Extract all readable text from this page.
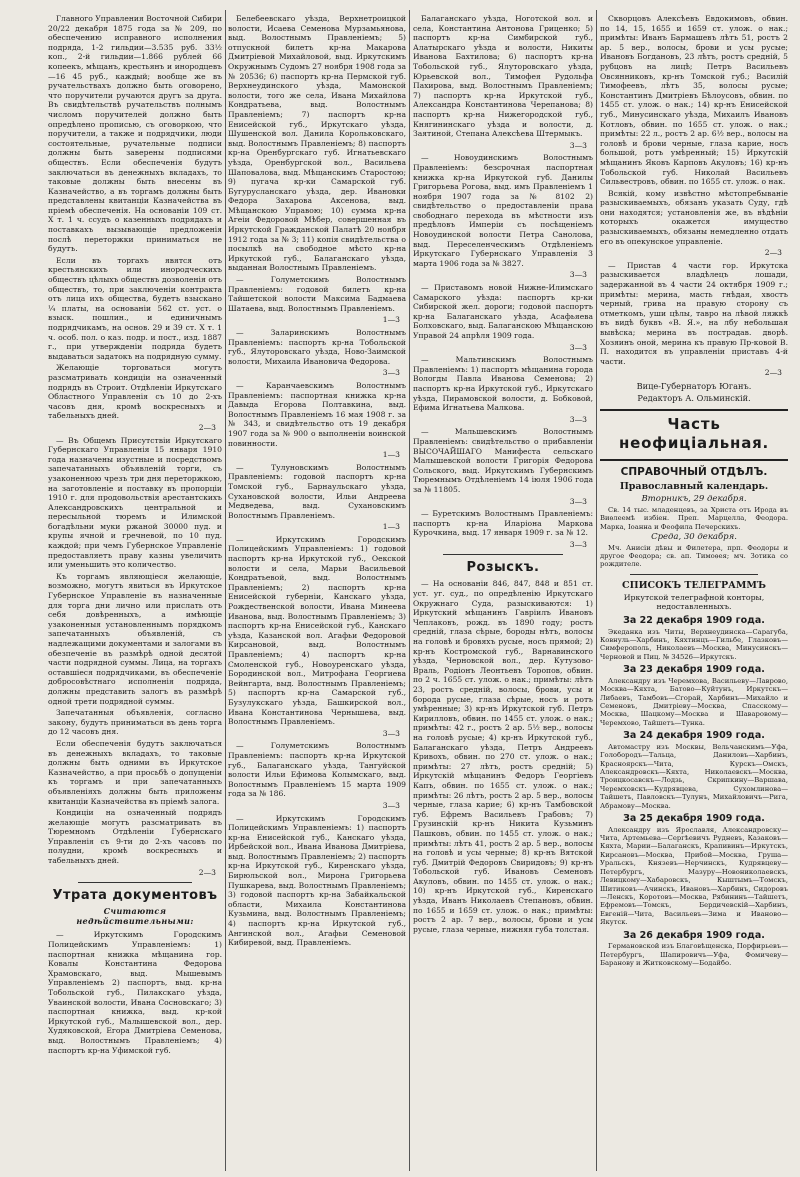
Главного Управления Восточной Сибири 20/22 декабря 1875 года за № 209, по обеспечению исправного исполнения подряда, 1-2 гильдии—3.535 руб. 33½ коп., 2-й гильдии—1.866 рублей 66 копеекъ, мѣщанъ, крестьянъ и инородцевъ—16 45 руб., каждый; вообще же въ ручательствахъ должно быть оговорено, что поручители ручаются другъ за друга. Въ свидѣтельствѣ ручательствъ полнымъ числомъ поручителей должно быть опредѣлено прописью, съ оговоркою, что поручители, а также и подрядчики, люди состоятельные, ручательные подписи должны быть заверены подписями обществъ. Если обеспеченія будутъ заключаться въ денежныхъ вкладахъ, то таковые должны быть внесены въ Казначейство, а въ торгамъ должны быть представлены квитанціи Казначейства въ пріемѣ обеспеченія. На основаніи 109 ст. Х т. 1 ч. ссудъ о казенныхъ подрядахъ и поставкахъ вызывающіе предложенія послѣ переторжки приниматься не будутъ.

Если въ торгахъ явятся отъ крестьянскихъ или инородческихъ обществъ цѣлыхъ обществъ дозволенія отъ обществъ, то, при заключеніи контракта отъ лица ихъ общества, будетъ взыскано ¼ платы, на основаніи 562 ст. уст. о взыск. пошлин., и единичнымъ подрядчикамъ, на основ. 29 и 39 ст. Х т. 1 ч. особ. пол. о каз. подр. и пост., изд. 1887 г., при утвержденіи подряда будетъ выдаваться задатокъ на подрядную сумму.

Желающіе торговаться могутъ разсматривать кондиціи на означенный подрядъ въ Строит. Отдѣленіи Иркутскаго Областного Управленія съ 10 до 2-хъ часовъ дня, кромѣ воскресныхъ и табельныхъ дней.

2—3

— Въ Общемъ Присутствіи Иркутскаго Губернскаго Управленія 15 января 1910 года назначены изустные и посредствомъ запечатанныхъ объявленій торги, съ узаконенною чрезъ три дня переторжкою, на заготовленіе и поставку въ пропорціи 1910 г. для продовольствія арестантскихъ Александровскихъ центральной и пересыльной тюремъ и Илимской богадѣльни муки ржаной 30000 пуд. и крупы ячной и гречневой, по 10 пуд. каждой; при чемъ Губернское Управленіе предоставляетъ праву казны увеличить или уменьшить это количество.

Къ торгамъ являющіеся желающіе, возможно, могутъ явиться въ Иркутское Губернское Управленіе въ назначенные для торга дни лично или прислать отъ себя довѣренныхъ, а имѣющіе узаконенныя установленнымъ порядкомъ запечатанныхъ объявленій, съ надлежащими документами и залогами въ обезпеченіе въ размѣрѣ одной десятой части подрядной суммы. Лица, на торгахъ оставшіеся подрядчиками, въ обеспеченіе добросовѣстнаго исполненія подряда, должны представить залогъ въ размѣрѣ одной трети подрядной суммы.

Запечатанныя объявленія, согласно закону, будутъ приниматься въ день торга до 12 часовъ дня.

Если обеспеченія будутъ заключаться въ денежныхъ вкладахъ, то таковые должны быть одними въ Иркутское Казначейство, а при просьбѣ о допущеніи къ торгамъ и при запечатанныхъ объявленіяхъ должны быть приложены квитанціи Казначейства въ пріемѣ залога.

Кондиціи на означенный подрядъ желающіе могутъ разсматривать въ Тюремномъ Отдѣленіи Губернскаго Управленія съ 9-ти до 2-хъ часовъ по полудни, кромѣ воскресныхъ и табельныхъ дней.

2—3

Утрата документовъ
Считаются недѣйствительными:

— Иркутскимъ Городскимъ Полицейскимъ Управленіемъ: 1) паспортная книжка мѣщанина гор. Ковалы Константина Федорова Храмовскаго, выд. Мышевымъ Управленіемъ 2) паспортъ, выд. кр-на Тобольской губ., Пилакскаго уѣзда, Уваинской волости, Ивана Сосновскаго; 3) паспортная книжка, выд. кр-кой Иркутской губ., Малышевской вол., дер. Худяковской, Егора Дмитріева Семенова, выд. Волостнымъ Правленіемъ; 4) паспортъ кр-на Уфимской губ.

Белебеевскаго уѣзда, Верхнетроицкой волости, Исаева Семенова Мурзамьянова, выд. Волостнымъ Правленіемъ; 5) отпускной билетъ кр-на Макарова Дмитріевой Михайловой, выд. Иркутскимъ Окружнымъ Судомъ 27 ноября 1908 года за № 20536; 6) паспортъ кр-на Пермской губ. Верхнеудинского уѣзда, Мамонской волости, того же села, Ивана Михайлова Кондратьева, выд. Волостнымъ Правленіемъ; 7) паспортъ кр-на Енисейской губ., Иркутскаго уѣзда, Шушенской вол. Данила Корольковскаго, выд. Волостнымъ Правленіемъ; 8) паспортъ кр-на Оренбургскаго губ. Игнатьевскаго уѣзда, Оренбургской вол., Васильева Шаповалова, выд. Мѣщанскимъ Старостою; 9) пугача кр-ки Самарской губ. Бугурусланскаго уѣзда, дер. Ивановки Федора Захарова Аксенова, выд. Мѣщанскою Управою; 10) сумма кр-на Агеіи Федоровой Мѣбер, совершенная въ Иркутской Гражданской Палатѣ 20 ноября 1912 года за № 3; 11) копія свидѣтельства о посылкѣ на свободное мѣсто кр-на Иркутской губ., Балаганскаго уѣзда, выданная Волостнымъ Правленіемъ.

— Голуметскимъ Волостнымъ Правленіемъ: годовой билетъ кр-на Тайшетской волости Максима Бадмаева Шатаева, выд. Волостнымъ Правленіемъ.

1—3

— Заларинскимъ Волостнымъ Правленіемъ: паспортъ кр-на Тобольской губ., Ялуторовскаго уѣзда, Ново-Заимской волости, Михаила Ивановича Федорова.

3—3

— Каранчаевскимъ Волостнымъ Правленіемъ: паспортная книжка кр-на Давыда Егорова Полтавкина, выд. Волостнымъ Правленіемъ 16 мая 1908 г. за № 343, и свидѣтельство отъ 19 декабря 1907 года за № 900 о выполненіи воинской повинности.

1—3

— Тулуновскимъ Волостнымъ Правленіемъ: годовой паспортъ кр-на Томской губ., Барнаульскаго уѣзда, Сухановской волости, Ильи Андреева Медведева, выд. Сухановскимъ Волостнымъ Правленіемъ.

1—3

— Иркутскимъ Городскимъ Полицейскимъ Управленіемъ: 1) годовой паспортъ кр-на Иркутской губ., Оекской волости и села, Марьи Васильевой Кондратьевой, выд. Волостнымъ Правленіемъ; 2) паспортъ кр-на Енисейской губерніи, Канскаго уѣзда, Рождественской волости, Ивана Минеева Иванова, выд. Волостнымъ Правленіемъ; 3) паспортъ кр-на Енисейской губ., Канскаго уѣзда, Казанской вол. Агафьи Федоровой Кирсановой, выд. Волостнымъ Правленіемъ; 4) паспортъ кр-на Смоленской губ., Новоуренскаго уѣзда, Бородинской вол., Митрофана Георгиева Вейнгарта, выд. Волостнымъ Правленіемъ; 5) паспортъ кр-на Самарской губ., Бузулукскаго уѣзда, Башкирской вол., Ивана Константинова Чернышева, выд. Волостнымъ Правленіемъ.

3—3

— Голуметскимъ Волостнымъ Правленіемъ: паспортъ кр-на Иркутской губ., Балаганскаго уѣзда, Тангуйской волости Ильи Ефимова Колымскаго, выд. Волостнымъ Правленіемъ 15 марта 1909 года за № 186.

3—3

— Иркутскимъ Городскимъ Полицейскимъ Управленіемъ: 1) паспортъ кр-на Енисейской губ., Канскаго уѣзда, Ирбейской вол., Ивана Иванова Дмитріева, выд. Волостнымъ Правленіемъ; 2) паспортъ кр-на Иркутской губ., Киренскаго уѣзда, Бирюльской вол., Мирона Григорьева Пушкарева, выд. Волостнымъ Правленіемъ; 3) годовой паспортъ кр-на Забайкальской области, Михаила Константинова Кузьмина, выд. Волостнымъ Правленіемъ; 4) паспортъ кр-на Иркутской губ., Ангинской вол., Агафьи Семеновой Кибиревой, выд. Правленіемъ.

Балаганскаго уѣзда, Ноготской вол. и села, Константина Антонова Гриценко; 5) паспортъ кр-на Симбирской губ., Алатырскаго уѣзда и волости, Никиты Иванова Бахтилова; 6) паспортъ кр-на Тобольской губ., Ялуторовскаго уѣзда, Юрьевской вол., Тимофея Рудольфа Пахирова, выд. Волостнымъ Правленіемъ; 7) паспортъ кр-на Иркутской губ., Александра Константинова Черепанова; 8) паспортъ кр-на Нижегородской губ., Княгининскаго уѣзда и волости, д. Заятиной, Степана Алексѣева Штермыкъ.

3—3

— Новоудинскимъ Волостнымъ Правленіемъ: безсрочная паспортная книжка кр-на Иркутской губ. Данилы Григорьева Рогова, выд. имъ Правленіемъ 1 ноября 1907 года за № 8102 2) свидѣтельство о предоставленіи права свободнаго перехода въ мѣстности изъ предѣловъ Имперіи съ посѣщеніемъ Новоудинской волости Петра Санолова, выд. Переселенческимъ Отдѣленіемъ Иркутскаго Губернскаго Управленія 3 марта 1906 года за № 3827.

3—3

— Приставомъ новой Нижне-Илимскаго Самарского уѣзда: паспортъ кр-ки Сибирской жел. дороги; годовой паспортъ кр-на Балаганскаго уѣзда, Асафьяева Болховскаго, выд. Балаганскою Мѣщанскою Управой 24 апрѣля 1909 года.

3—3

— Мальтинскимъ Волостнымъ Правленіемъ: 1) паспортъ мѣщанина города Вологды Павла Иванова Семенова; 2) паспортъ кр-на Иркутской губ., Иркутскаго уѣзда, Пирамовской волости, д. Бобковой, Ефима Игнатьева Малкова.

3—3

— Мальшевскимъ Волостнымъ Правленіемъ: свидѣтельство о прибавленіи ВЫСОЧАЙШАГО Манифеста сельскаго Малышевской волости Григорія Федорова Сольского, выд. Иркутскимъ Губернскимъ Тюремнымъ Отдѣленіемъ 14 іюля 1906 года за № 11805.

3—3

— Буретскимъ Волостнымъ Правленіемъ: паспортъ кр-на Иларіона Маркова Курочкина, выд. 17 января 1909 г. за № 12.

3—3

Розыскъ.

— На основаніи 846, 847, 848 и 851 ст. уст. уг. суд., по опредѣленію Иркутскаго Окружнаго Суда, разыскиваются: 1) Иркутский мѣщанинъ Гавріилъ Ивановъ Чеплаковъ, рожд. въ 1890 году; ростъ средній, глаза сѣрые, бороды нѣтъ, волосы на головѣ и бровяхъ русые, носъ прямой; 2) кр-нъ Костромской губ., Варнавинского уѣзда, Черновской вол., дер. Кутузово-Враль, Родіонъ Леонтьевъ Торопов, обвин. по 2 ч. 1655 ст. улож. о нак.; примѣты: лѣтъ 23, ростъ средній, волосы, брови, усы и борода русые, глаза сѣрые, носъ и ротъ умѣренные; 3) кр-нъ Иркутской губ. Петръ Кирилловъ, обвин. по 1455 ст. улож. о нак.; примѣты: 42 г., ростъ 2 ар. 5½ вер., волосы на головѣ русые; 4) кр-нъ Иркутской губ., Балаганскаго уѣзда, Петръ Андреевъ Кривохъ, обвин. по 270 ст. улож. о нак.; примѣты: 27 лѣтъ, ростъ средній; 5) Иркутскій мѣщанинъ Федоръ Георгіевъ Капъ, обвин. по 1655 ст. улож. о нак.; примѣты: 26 лѣтъ, ростъ 2 ар. 5 вер., волосы черные, глаза карие; 6) кр-нъ Тамбовской губ. Ефремъ Васильевъ Грабовъ; 7) Грузинскій кр-нъ Никита Кузьминъ Пашковъ, обвин. по 1455 ст. улож. о нак.; примѣты: лѣтъ 41, ростъ 2 ар. 5 вер., волосы на головѣ и усы черные; 8) кр-нъ Вятской губ. Дмитрій Федоровъ Свиридовъ; 9) кр-нъ Тобольской губ. Ивановъ Семеновъ Акуловъ, обвин. по 1455 ст. улож. о нак.; 10) кр-нъ Иркутской губ., Киренскаго уѣзда, Иванъ Николаевъ Степановъ, обвин. по 1655 и 1659 ст. улож. о нак.; примѣты: ростъ 2 ар. 7 вер., волосы, брови и усы русые, глаза черные, нижняя губа толстая.

Скворцовъ Алексѣевъ Евдокимовъ, обвин. по 14, 15, 1655 и 1659 ст. улож. о нак.; примѣты: Иванъ Бармашевъ лѣтъ 51, ростъ 2 ар. 5 вер., волосы, брови и усы русые; Ивановъ Богдановъ, 23 лѣтъ, ростъ средній, 5 рубцовъ на лицѣ; Петръ Васильевъ Овсянниковъ, кр-нъ Томской губ.; Василій Тимофеевъ, лѣтъ 35, волосы русые; Константинъ Дмитріевъ Бѣлоусовъ, обвин. по 1455 ст. улож. о нак.; 14) кр-нъ Енисейской губ., Минусинскаго уѣзда, Михаилъ Ивановъ Котловъ, обвин. по 1655 ст. улож. о нак.; примѣты: 22 л., ростъ 2 ар. 6½ вер., волосы на головѣ и брови черные, глаза карие, носъ большой, ротъ умѣренный; 15) Иркутскій мѣщанинъ Яковъ Карповъ Акуловъ; 16) кр-нъ Тобольской губ. Николай Васильевъ Сильвестровъ, обвин. по 1655 ст. улож. о нак.

Всякій, кому извѣстно мѣстопребываніе разыскиваемыхъ, обязанъ указать Суду, гдѣ они находятся; установленія же, въ вѣдѣніи которыхъ окажется имущество разыскиваемыхъ, обязаны немедленно отдать его въ опекунское управленіе.

2—3

— Пристав 4 части гор. Иркутска разыскивается владѣлецъ лошади, задержанной въ 4 части 24 октября 1909 г.; примѣты: мерина, масть гнѣдая, хвостъ черный, грива на правую сторону съ отметкомъ, уши цѣлы, тавро на лѣвой ляжкѣ въ видѣ буквъ «В. Я.», на лбу небольшая вывѣска; мерина въ пострадав. дворѣ. Хозяинъ оной, мерина къ правую Пр-ковой В. П. находится въ управленіи приставъ 4-й части.

2—3

Вице-Губернаторъ Юганъ.
Редакторъ А. Ольминскій.
Часть неофиціальная.
СПРАВОЧНЫЙ ОТДѢЛЪ.
Православный календарь.
Вторникъ, 29 декабря.

Св. 14 тыс. младенцевъ, за Христа отъ Ирода въ Виѳлеемѣ избіен. Преп. Марцеллa, Феодора. Марка, Іоанна и Феофила Печерскихъ.

Среда, 30 декабря.

Мч. Анисіи дѣвы и Филетера, прп. Феодоры и другое Феодора; св. ап. Тимоѳея; мч. Зотика со рождителе.

СПИСОКЪ ТЕЛЕГРАММЪ
Иркутской телеграфной конторы, недоставленныхъ.
За 22 декабря 1909 года.

Экеданка изъ Читы, Верхнеудинска—Сарагуба, Ковнуль—Харбинъ, Кяхтинцъ—Гильбе, Глазковъ—Симферополь, Николаевъ—Москва, Минусинскъ—Черновой и Пиц. № 34526—Иркутскъ.

За 23 декабря 1909 года.

Александру изъ Черемхова, Васильеву—Лаврово, Москва—Кяхта, Батово—Куйтунъ, Иркутскъ—Либаевъ, Тамбовъ—Сгорай, Харбинъ—Михайло и Семеновъ, Дмитріеву—Москва, Спасскому—Москва, Шацкому—Москва и Шаваровому—Черемхово, Тайшетъ—Тунка.

За 24 декабря 1909 года.

Автомастру изъ Москвы, Вельчанскимъ—Уфа, Голобородъ—Тальца, Даниловъ—Харбинъ, Красноярскъ—Чита, Курскъ—Омскъ, Александровскъ—Кяхта, Николаевскъ—Москва, Троицкосавскъ—Лодзь, Скрипкину—Варшава, Черемховскъ—Кудрявцева, Сухомлинова—Тайшетъ, Павловскъ—Тулунъ, Михайловичъ—Рига, Абрамову—Москва.

За 25 декабря 1909 года.

Александру изъ Ярославля, Александровску—Чита, Артемьева—Сергѣевичъ Рудневъ, Казаковъ—Кяхта, Марии—Балаганскъ, Крапивинъ—Иркутскъ, Кирсановъ—Москва, Прибой—Москва, Груша—Уральскъ, Князевъ—Нерчинскъ, Кудрявцеву—Петербургъ, Мазуру—Новониколаевскъ, Левицкому—Хабаровскъ, Кыштымъ—Томскъ, Шитиковъ—Ачинскъ, Ивановъ—Харбинъ, Сидоровъ—Ленскъ, Коротовъ—Москва, Рябининъ—Тайшетъ, Ефремовъ—Томскъ, Бердичевскій—Харбинъ, Евгеній—Чита, Васильевъ—Зима и Иваново—Якутск.

За 26 декабря 1909 года.

Германовской изъ Благовѣщенска, Порфирьевъ—Петербургъ, Шапировичъ—Уфа, Фомичеву—Баранову и Житковскому—Бодайбо.
